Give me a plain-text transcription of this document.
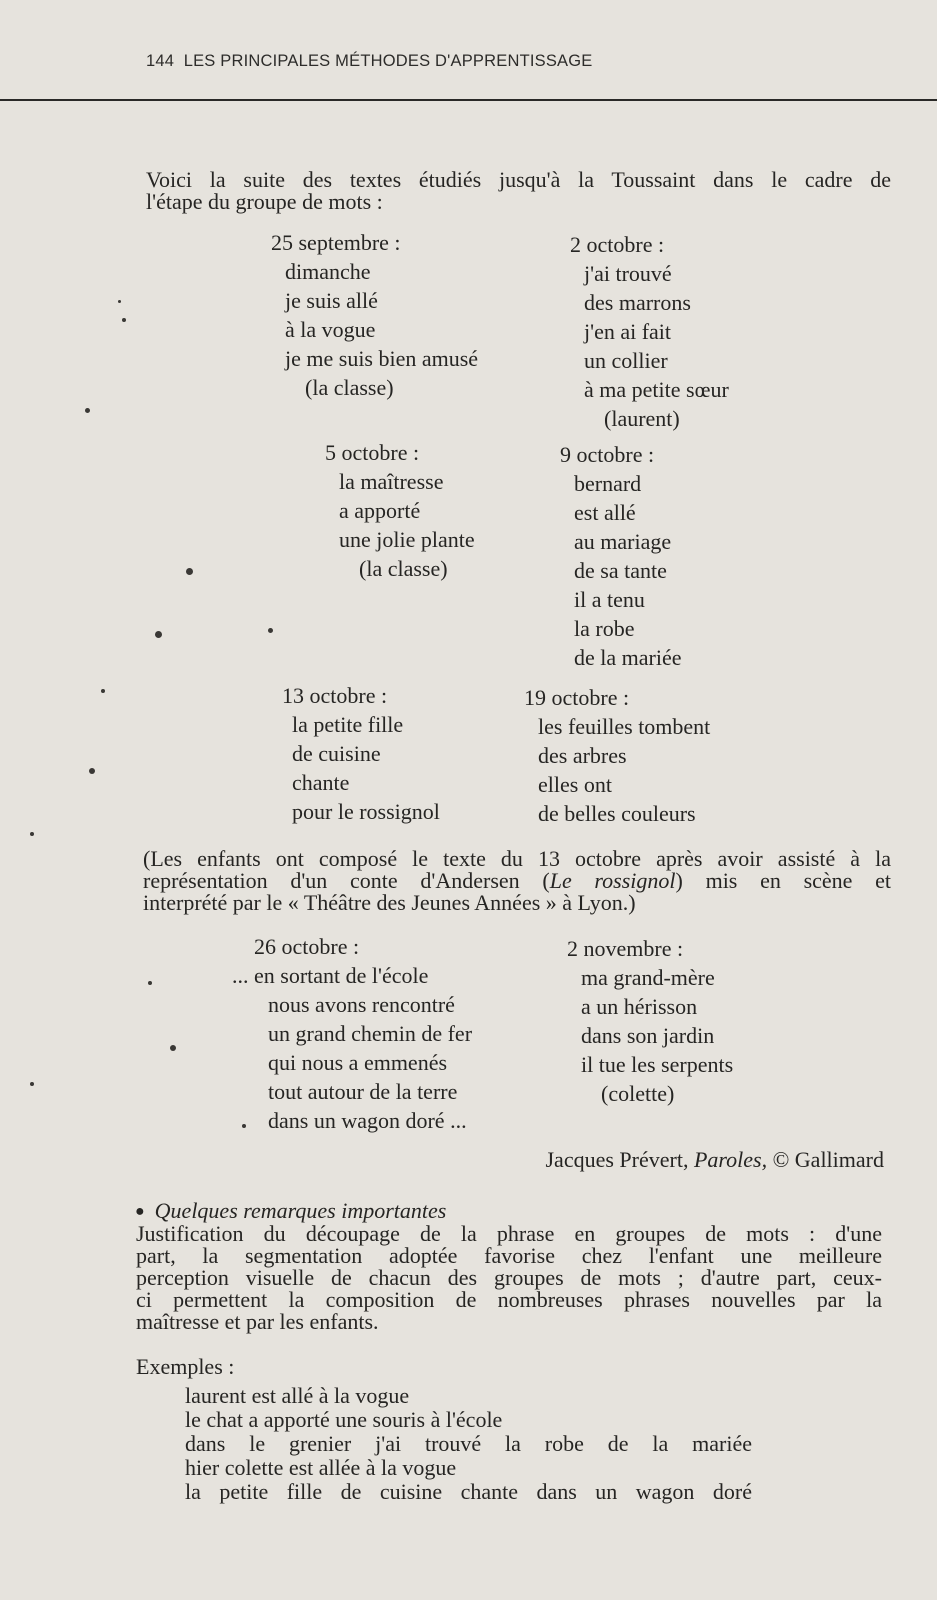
144 LES PRINCIPALES MÉTHODES D'APPRENTISSAGE
Voici la suite des textes étudiés jusqu'à la Toussaint dans le cadre de
l'étape du groupe de mots :
25 septembre :
dimanche
je suis allé
à la vogue
je me suis bien amusé
(la classe)
2 octobre :
j'ai trouvé
des marrons
j'en ai fait
un collier
à ma petite sœur
(laurent)
5 octobre :
la maîtresse
a apporté
une jolie plante
(la classe)
9 octobre :
bernard
est allé
au mariage
de sa tante
il a tenu
la robe
de la mariée
13 octobre :
la petite fille
de cuisine
chante
pour le rossignol
19 octobre :
les feuilles tombent
des arbres
elles ont
de belles couleurs
(Les enfants ont composé le texte du 13 octobre après avoir assisté à la
représentation d'un conte d'Andersen (Le rossignol) mis en scène et
interprété par le « Théâtre des Jeunes Années » à Lyon.)
26 octobre :
... en sortant de l'école
nous avons rencontré
un grand chemin de fer
qui nous a emmenés
tout autour de la terre
dans un wagon doré ...
2 novembre :
ma grand-mère
a un hérisson
dans son jardin
il tue les serpents
(colette)
Jacques Prévert, Paroles, © Gallimard
● Quelques remarques importantes
Justification du découpage de la phrase en groupes de mots : d'une
part, la segmentation adoptée favorise chez l'enfant une meilleure
perception visuelle de chacun des groupes de mots ; d'autre part, ceux-
ci permettent la composition de nombreuses phrases nouvelles par la
maîtresse et par les enfants.
Exemples :
laurent est allé à la vogue
le chat a apporté une souris à l'école
dans le grenier j'ai trouvé la robe de la mariée
hier colette est allée à la vogue
la petite fille de cuisine chante dans un wagon doré
